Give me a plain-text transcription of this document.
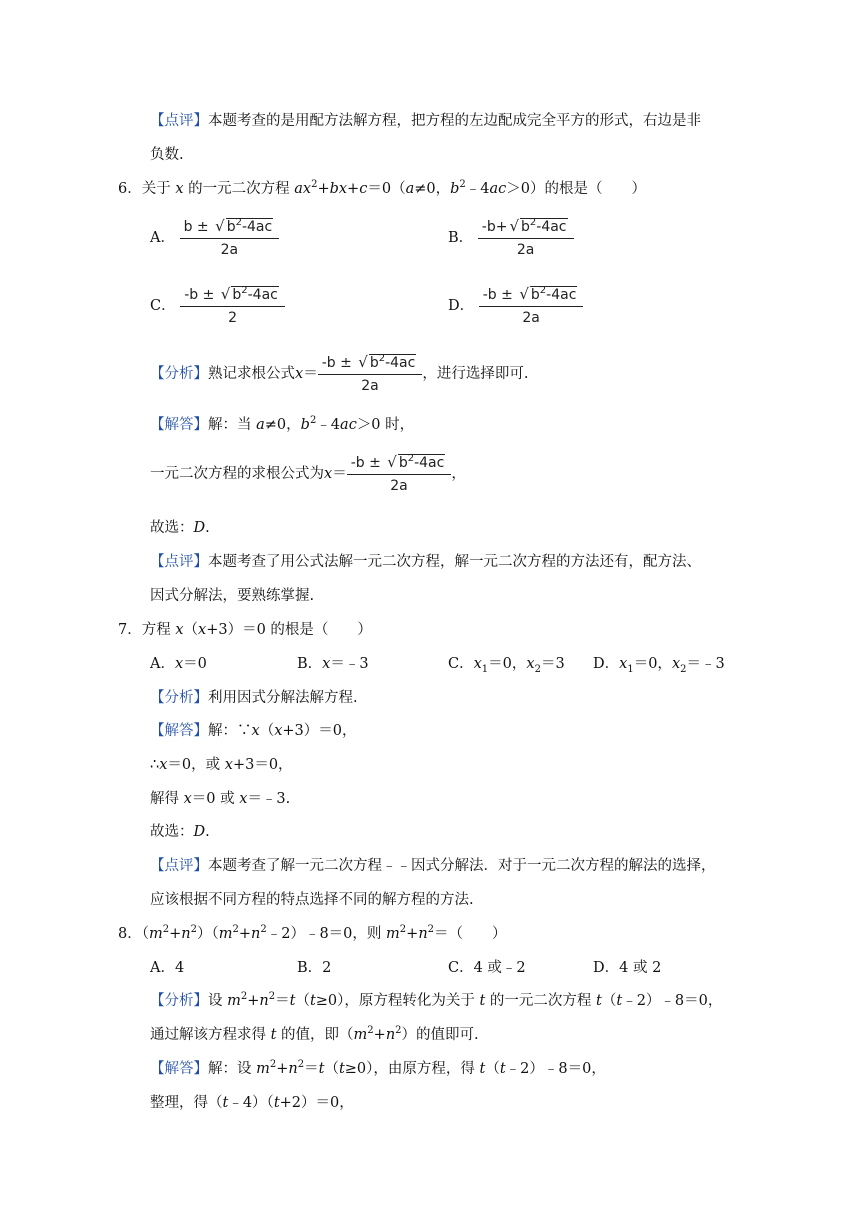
【点评】本题考查的是用配方法解方程，把方程的左边配成完全平方的形式，右边是非
负数.
6．关于 x 的一元二次方程 $ax^2+bx+c=0(a\ne 0$，$b^2﹣4ac>0$）的根是（　　）
A． $\frac{b \pm √ b^2-4ac}{2a}$	B． $\frac{-b+ √ b^2-4ac}{2a}$
C． $\frac{-b \pm √ b^2-4ac}{2}$	D． $\frac{-b \pm √ b^2-4ac}{2a}$
【分析】熟记求根公式$x= \frac{-b \pm √ b^2-4ac}{2a}$ ，进行选择即可.
【解答】解：当 a≠0，$b^2﹣4ac>0$ 时，
一元二次方程的求根公式为$x= \frac{-b \pm √ b^2-4ac}{2a}$ ，
故选：D.
【点评】本题考查了用公式法解一元二次方程，解一元二次方程的方法还有，配方法、
因式分解法，要熟练掌握.
7．方程 x（x+3）＝0 的根是（　　）
A．x＝0	B．x＝﹣3	C．$x_1=0$，$x_2=3$ D．$x_1=0$，$x_2=﹣3$
【分析】利用因式分解法解方程.
【解答】解：∵x（x+3）＝0，
∴x＝0，或 x+3＝0，
解得 x＝0 或 x＝﹣3.
故选：D.
【点评】本题考查了解一元二次方程﹣﹣因式分解法．对于一元二次方程的解法的选择，
应该根据不同方程的特点选择不同的解方程的方法.
8．$(m^2+n^2)(m^2+n^2﹣2)﹣8=0$，则 $m^2+n^2=$（　　）
A．4	B．2	C．4 或﹣2	D．4 或 2
【分析】设 $m^2+n^2=t(t\ge 0)$，原方程转化为关于 t 的一元二次方程 t（t﹣2）﹣8＝0，
通过解该方程求得 t 的值，即$(m^2+n^2)$的值即可.
【解答】解：设 $m^2+n^2=t(t\ge 0)$，由原方程，得 t（t﹣2）﹣8＝0，
整理，得（t﹣4）（t+2）＝0，
